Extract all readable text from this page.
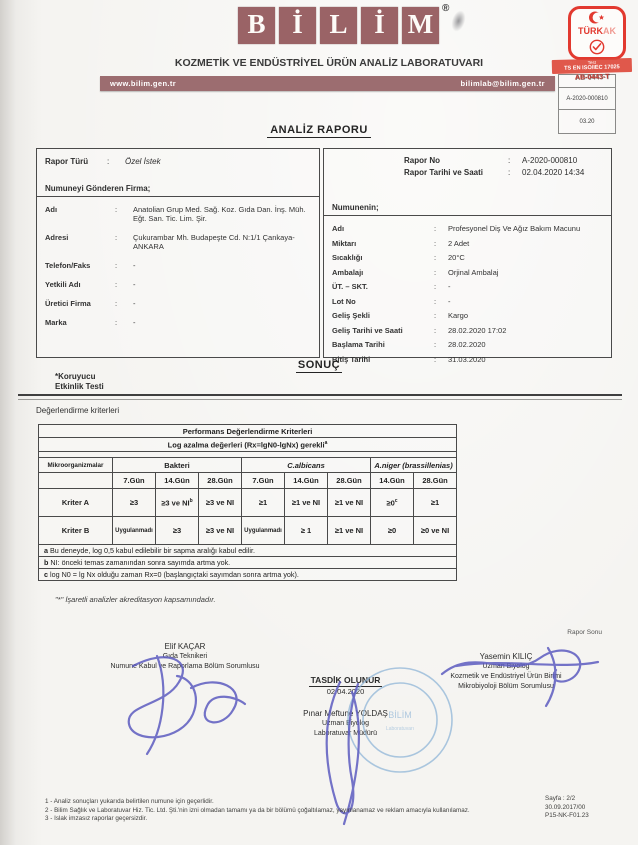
B İ L İ M
®
KOZMETİK VE ENDÜSTRİYEL ÜRÜN ANALİZ LABORATUVARI
www.bilim.gen.tr	bilimlab@bilim.gen.tr
TÜRKAK
Test
TS EN ISO/IEC 17025
AB-0443-T
A-2020-000810
03.20
ANALİZ RAPORU
Rapor Türü	:	Özel İstek
Numuneyi Gönderen Firma;
Adı	:	Anatolian Grup Med. Sağ. Koz. Gıda Dan. İnş. Müh. Eğt. San. Tic. Lim. Şir.
Adresi	:	Çukurambar Mh. Budapeşte Cd. N:1/1 Çankaya-ANKARA
Telefon/Faks	:	-
Yetkili Adı	:	-
Üretici Firma	:	-
Marka	:	-
Rapor No	:	A-2020-000810
Rapor Tarihi ve Saati	:	02.04.2020 14:34
Numunenin;
Adı	:	Profesyonel Diş Ve Ağız Bakım Macunu
Miktarı	:	2 Adet
Sıcaklığı	:	20°C
Ambalajı	:	Orjinal Ambalaj
ÜT. – SKT.	:	-
Lot No	:	-
Geliş Şekli	:	Kargo
Geliş Tarihi ve Saati	:	28.02.2020 17:02
Başlama Tarihi	:	28.02.2020
Bitiş Tarihi	:	31.03.2020
SONUÇ
*Koruyucu
Etkinlik Testi
Değerlendirme kriterleri
Performans Değerlendirme Kriterleri								
Log azalma değerleri (Rx=lgN0-lgNx) gerekli$^a$

Mikroorganizmalar	Bakteri			C.albicans			A.niger (brassillenias)	
	7.Gün	14.Gün	28.Gün	7.Gün	14.Gün	28.Gün	14.Gün	28.Gün
Kriter A	≥3	≥3 ve $NI^b$	≥3 ve NI	≥1	≥1 ve NI	≥1 ve NI	$\ge 0^c$	≥1
Kriter B	Uygulanmadı	≥3	≥3 ve NI	Uygulanmadı	≥ 1	≥1 ve NI	≥0	≥0 ve NI
a Bu deneyde, log 0,5 kabul edilebilir bir sapma aralığı kabul edilir.								
b NI: önceki temas zamanından sonra sayımda artma yok.								
c log N0 = lg Nx olduğu zaman Rx=0 (başlangıçtaki sayımdan sonra artma yok).								
"*" İşaretli analizler akreditasyon kapsamındadır.
Rapor Sonu
Elif KAÇAR
Gıda Teknikeri
Numune Kabul ve Raporlama Bölüm Sorumlusu
TASDİK OLUNUR
02.04.2020
Pınar Meftune YOLDAŞ
Uzman Biyolog
Laboratuvar Müdürü
Yasemin KILIÇ
Uzman Biyolog
Kozmetik ve Endüstriyel Ürün Birimi
Mikrobiyoloji Bölüm Sorumlusu
BİLİM
Laboratuvarı
1 - Analiz sonuçları yukarıda belirtilen numune için geçerlidir.
2 - Bilim Sağlık ve Laboratuvar Hiz. Tic. Ltd. Şti.'nin izni olmadan tamamı ya da bir bölümü çoğaltılamaz, yayınlanamaz ve reklam amacıyla kullanılamaz.
3 - Islak imzasız raporlar geçersizdir.
Sayfa : 2/2
30.09.2017/00
P15-NK-F01.23
